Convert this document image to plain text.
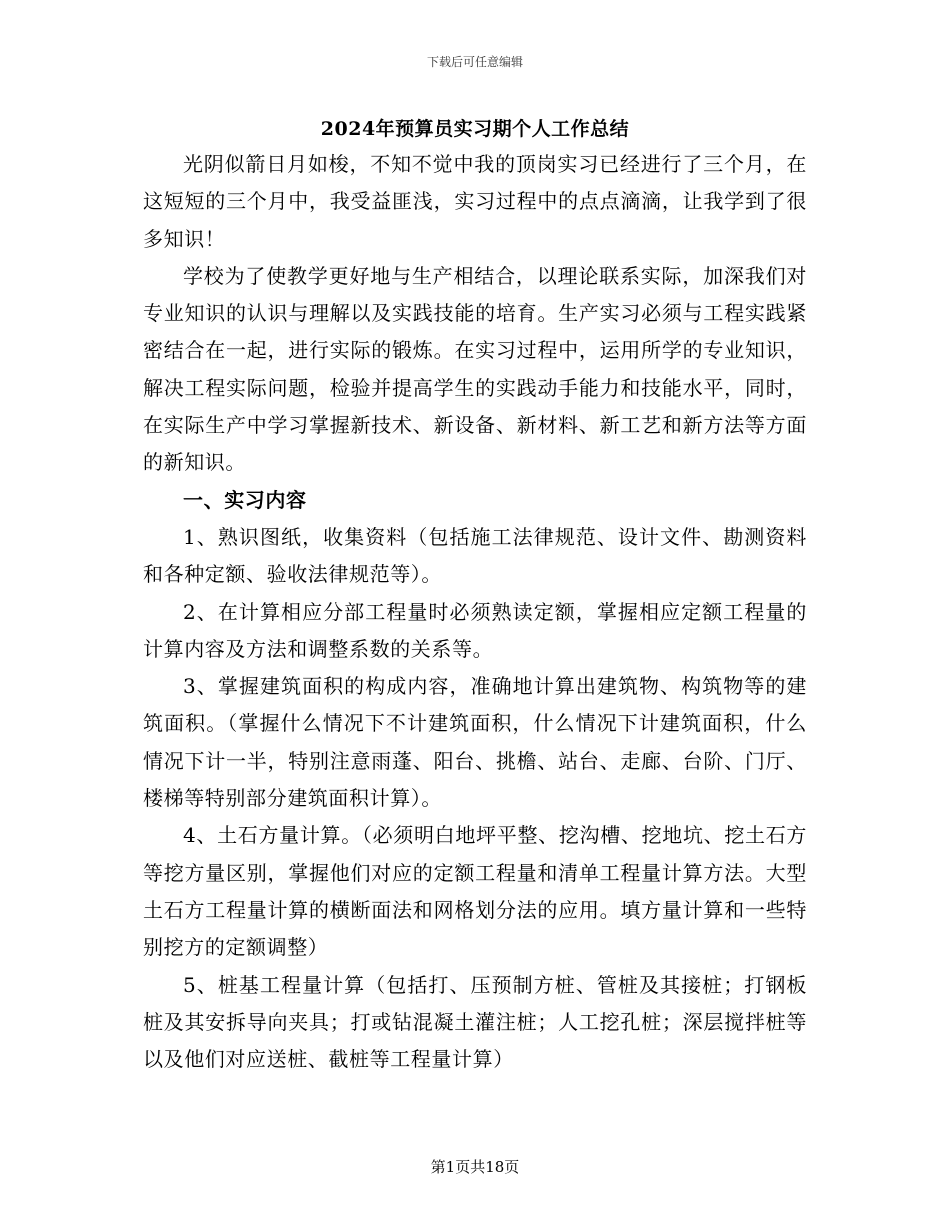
下载后可任意编辑
2024年预算员实习期个人工作总结

光阴似箭日月如梭，不知不觉中我的顶岗实习已经进行了三个月，在这短短的三个月中，我受益匪浅，实习过程中的点点滴滴，让我学到了很多知识！

学校为了使教学更好地与生产相结合，以理论联系实际，加深我们对专业知识的认识与理解以及实践技能的培育。生产实习必须与工程实践紧密结合在一起，进行实际的锻炼。在实习过程中，运用所学的专业知识，解决工程实际问题，检验并提高学生的实践动手能力和技能水平，同时，在实际生产中学习掌握新技术、新设备、新材料、新工艺和新方法等方面的新知识。

一、实习内容

1、熟识图纸，收集资料（包括施工法律规范、设计文件、勘测资料和各种定额、验收法律规范等）。

2、在计算相应分部工程量时必须熟读定额，掌握相应定额工程量的计算内容及方法和调整系数的关系等。

3、掌握建筑面积的构成内容，准确地计算出建筑物、构筑物等的建筑面积。（掌握什么情况下不计建筑面积，什么情况下计建筑面积，什么情况下计一半，特别注意雨蓬、阳台、挑檐、站台、走廊、台阶、门厅、楼梯等特别部分建筑面积计算）。

4、土石方量计算。（必须明白地坪平整、挖沟槽、挖地坑、挖土石方等挖方量区别，掌握他们对应的定额工程量和清单工程量计算方法。大型土石方工程量计算的横断面法和网格划分法的应用。填方量计算和一些特别挖方的定额调整）

5、桩基工程量计算（包括打、压预制方桩、管桩及其接桩；打钢板桩及其安拆导向夹具；打或钻混凝土灌注桩；人工挖孔桩；深层搅拌桩等以及他们对应送桩、截桩等工程量计算）

第1页共18页
